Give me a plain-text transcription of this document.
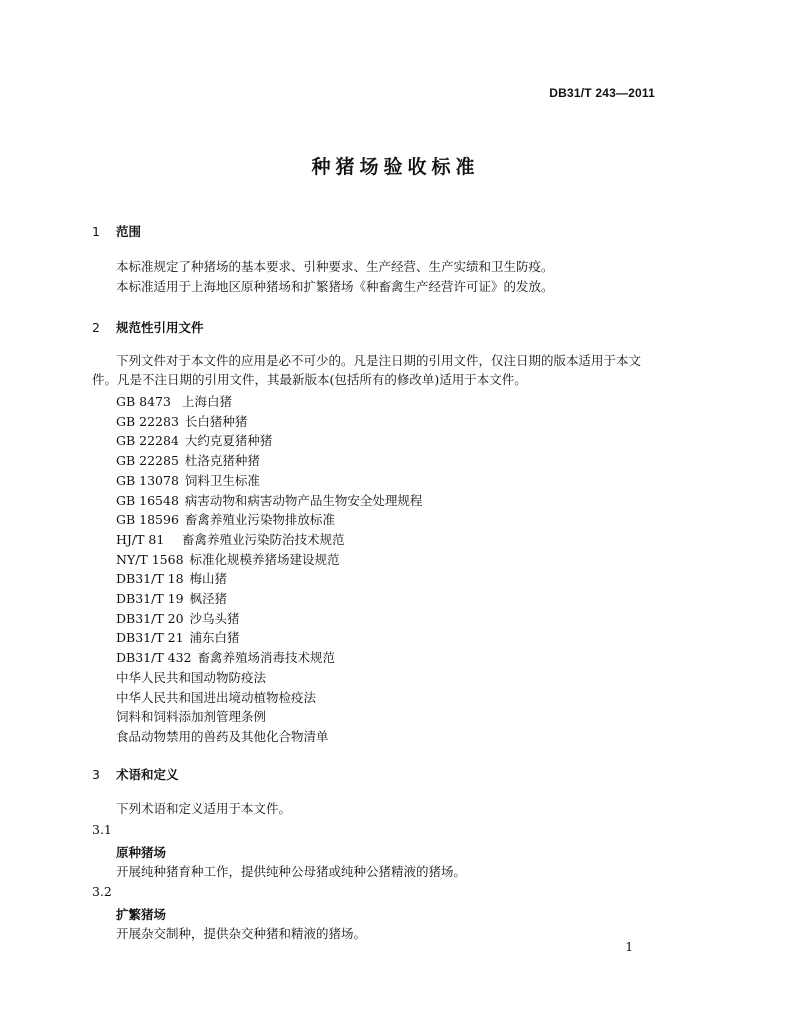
DB31/T 243—2011
种猪场验收标准
1 范围
本标准规定了种猪场的基本要求、引种要求、生产经营、生产实绩和卫生防疫。
本标准适用于上海地区原种猪场和扩繁猪场《种畜禽生产经营许可证》的发放。
2 规范性引用文件
下列文件对于本文件的应用是必不可少的。凡是注日期的引用文件，仅注日期的版本适用于本文件。凡是不注日期的引用文件，其最新版本(包括所有的修改单)适用于本文件。
GB 8473 上海白猪
GB 22283 长白猪种猪
GB 22284 大约克夏猪种猪
GB 22285 杜洛克猪种猪
GB 13078 饲料卫生标准
GB 16548 病害动物和病害动物产品生物安全处理规程
GB 18596 畜禽养殖业污染物排放标准
HJ/T 81 畜禽养殖业污染防治技术规范
NY/T 1568 标准化规模养猪场建设规范
DB31/T 18 梅山猪
DB31/T 19 枫泾猪
DB31/T 20 沙乌头猪
DB31/T 21 浦东白猪
DB31/T 432 畜禽养殖场消毒技术规范
中华人民共和国动物防疫法
中华人民共和国进出境动植物检疫法
饲料和饲料添加剂管理条例
食品动物禁用的兽药及其他化合物清单
3 术语和定义
下列术语和定义适用于本文件。
3.1
原种猪场
开展纯种猪育种工作，提供纯种公母猪或纯种公猪精液的猪场。
3.2
扩繁猪场
开展杂交制种，提供杂交种猪和精液的猪场。
1
